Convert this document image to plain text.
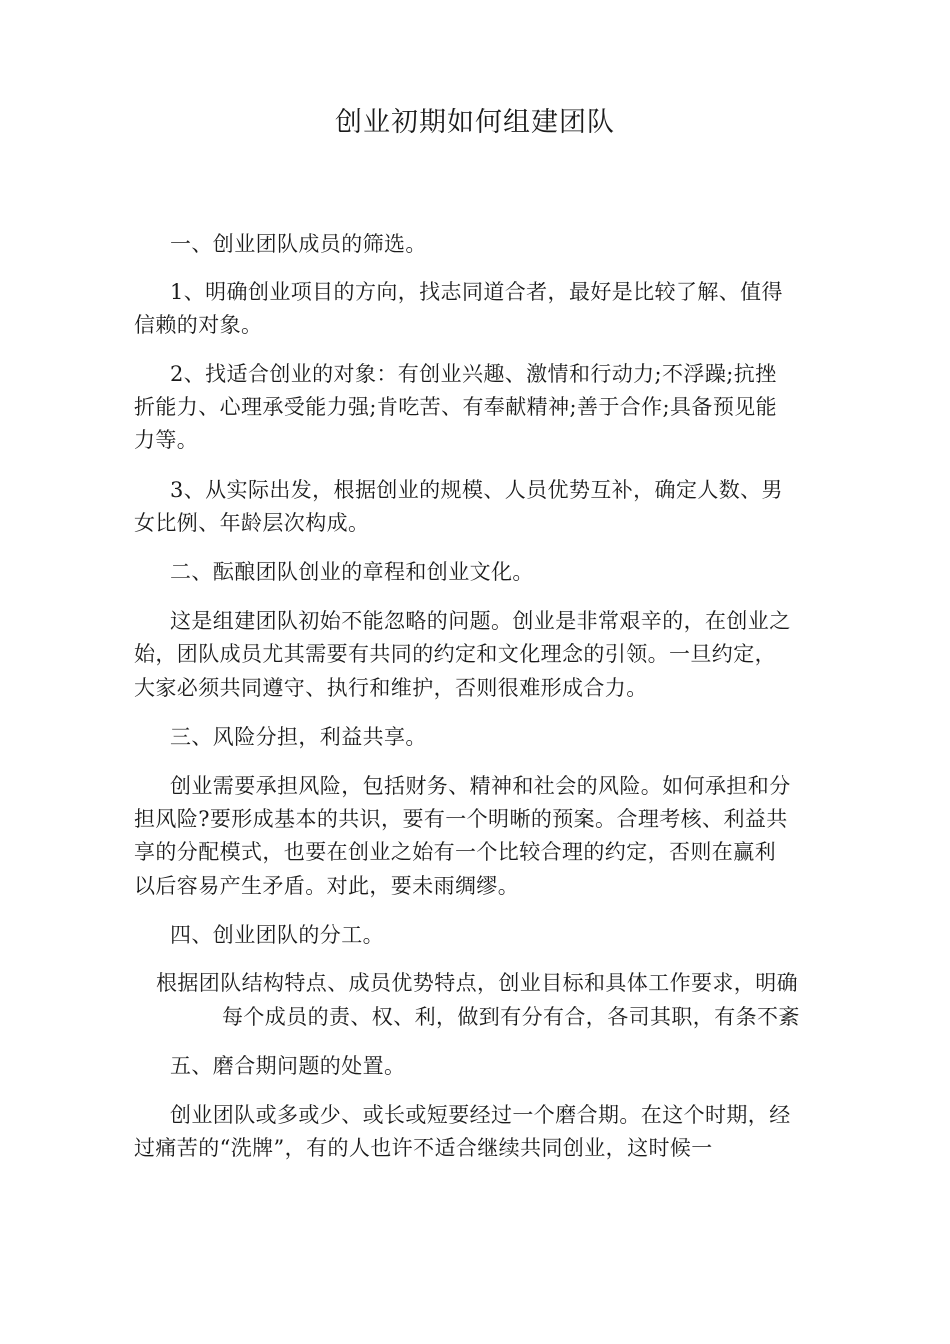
创业初期如何组建团队
一、创业团队成员的筛选。
1、明确创业项目的方向，找志同道合者，最好是比较了解、值得
信赖的对象。
2、找适合创业的对象：有创业兴趣、激情和行动力;不浮躁;抗挫
折能力、心理承受能力强;肯吃苦、有奉献精神;善于合作;具备预见能
力等。
3、从实际出发，根据创业的规模、人员优势互补，确定人数、男
女比例、年龄层次构成。
二、酝酿团队创业的章程和创业文化。
这是组建团队初始不能忽略的问题。创业是非常艰辛的，在创业之
始，团队成员尤其需要有共同的约定和文化理念的引领。一旦约定，
大家必须共同遵守、执行和维护，否则很难形成合力。
三、风险分担，利益共享。
创业需要承担风险，包括财务、精神和社会的风险。如何承担和分
担风险?要形成基本的共识，要有一个明晰的预案。合理考核、利益共
享的分配模式，也要在创业之始有一个比较合理的约定，否则在赢利
以后容易产生矛盾。对此，要未雨绸缪。
四、创业团队的分工。
根据团队结构特点、成员优势特点，创业目标和具体工作要求，明确
每个成员的责、权、利，做到有分有合，各司其职，有条不紊
五、磨合期问题的处置。
创业团队或多或少、或长或短要经过一个磨合期。在这个时期，经
过痛苦的“洗牌”，有的人也许不适合继续共同创业，这时候一
